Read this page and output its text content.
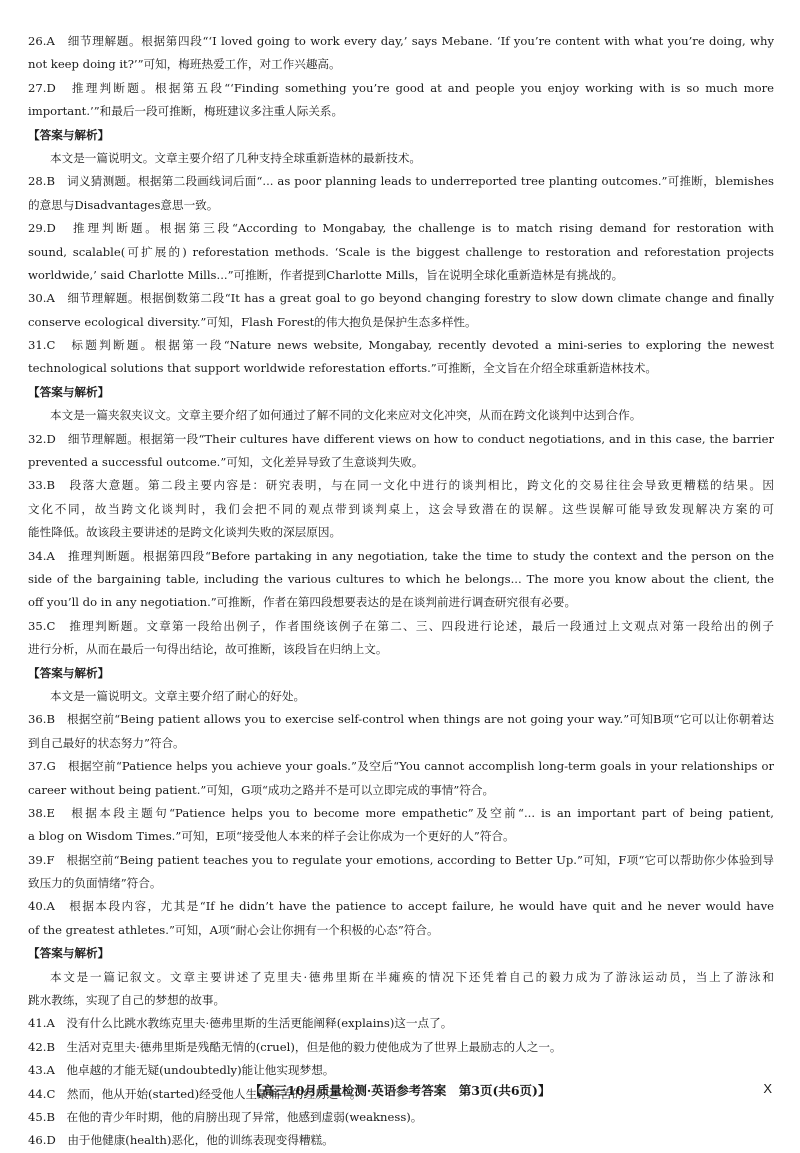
26.A　细节理解题。根据第四段“‘I loved going to work every day,’ says Mebane. ‘If you’re content with what you’re doing, why
not keep doing it?’”可知，梅班热爱工作，对工作兴趣高。
27.D　推理判断题。根据第五段“‘Finding something you’re good at and people you enjoy working with is so much more
important.’”和最后一段可推断，梅班建议多注重人际关系。
【答案与解析】
本文是一篇说明文。文章主要介绍了几种支持全球重新造林的最新技术。
28.B　词义猜测题。根据第二段画线词后面“... as poor planning leads to underreported tree planting outcomes.”可推断，blemishes
的意思与Disadvantages意思一致。
29.D　推理判断题。根据第三段“According to Mongabay, the challenge is to match rising demand for restoration with
sound, scalable(可扩展的) reforestation methods. ‘Scale is the biggest challenge to restoration and reforestation projects
worldwide,’ said Charlotte Mills...”可推断，作者提到Charlotte Mills，旨在说明全球化重新造林是有挑战的。
30.A　细节理解题。根据倒数第二段“It has a great goal to go beyond changing forestry to slow down climate change and finally
conserve ecological diversity.”可知，Flash Forest的伟大抱负是保护生态多样性。
31.C　标题判断题。根据第一段“Nature news website, Mongabay, recently devoted a mini-series to exploring the newest
technological solutions that support worldwide reforestation efforts.”可推断，全文旨在介绍全球重新造林技术。
【答案与解析】
本文是一篇夹叙夹议文。文章主要介绍了如何通过了解不同的文化来应对文化冲突，从而在跨文化谈判中达到合作。
32.D　细节理解题。根据第一段“Their cultures have different views on how to conduct negotiations, and in this case, the barrier
prevented a successful outcome.”可知，文化差异导致了生意谈判失败。
33.B　段落大意题。第二段主要内容是：研究表明，与在同一文化中进行的谈判相比，跨文化的交易往往会导致更糟糕的结果。因
文化不同，故当跨文化谈判时，我们会把不同的观点带到谈判桌上，这会导致潜在的误解。这些误解可能导致发现解决方案的可
能性降低。故该段主要讲述的是跨文化谈判失败的深层原因。
34.A　推理判断题。根据第四段“Before partaking in any negotiation, take the time to study the context and the person on the
side of the bargaining table, including the various cultures to which he belongs... The more you know about the client, the
off you’ll do in any negotiation.”可推断，作者在第四段想要表达的是在谈判前进行调查研究很有必要。
35.C　推理判断题。文章第一段给出例子，作者围绕该例子在第二、三、四段进行论述，最后一段通过上文观点对第一段给出的例子
进行分析，从而在最后一句得出结论，故可推断，该段旨在归纳上文。
【答案与解析】
本文是一篇说明文。文章主要介绍了耐心的好处。
36.B　根据空前“Being patient allows you to exercise self-control when things are not going your way.”可知B项“它可以让你朝着达
到自己最好的状态努力”符合。
37.G　根据空前“Patience helps you achieve your goals.”及空后“You cannot accomplish long-term goals in your relationships or
career without being patient.”可知，G项“成功之路并不是可以立即完成的事情”符合。
38.E　根据本段主题句“Patience helps you to become more empathetic”及空前“... is an important part of being patient,
a blog on Wisdom Times.”可知，E项“接受他人本来的样子会让你成为一个更好的人”符合。
39.F　根据空前“Being patient teaches you to regulate your emotions, according to Better Up.”可知，F项“它可以帮助你少体验到导
致压力的负面情绪”符合。
40.A　根据本段内容，尤其是“If he didn’t have the patience to accept failure, he would have quit and he never would have
of the greatest athletes.”可知，A项“耐心会让你拥有一个积极的心态”符合。
【答案与解析】
本文是一篇记叙文。文章主要讲述了克里夫·德弗里斯在半瘫痪的情况下还凭着自己的毅力成为了游泳运动员，当上了游泳和
跳水教练，实现了自己的梦想的故事。
41.A　没有什么比跳水教练克里夫·德弗里斯的生活更能阐释(explains)这一点了。
42.B　生活对克里夫·德弗里斯是残酷无情的(cruel)，但是他的毅力使他成为了世界上最励志的人之一。
43.A　他卓越的才能无疑(undoubtedly)能让他实现梦想。
44.C　然而，他从开始(started)经受他人生最痛苦的经历之一。
45.B　在他的青少年时期，他的肩膀出现了异常，他感到虚弱(weakness)。
46.D　由于他健康(health)恶化，他的训练表现变得糟糕。
【高三10月质量检测·英语参考答案　第3页(共6页)】	X
